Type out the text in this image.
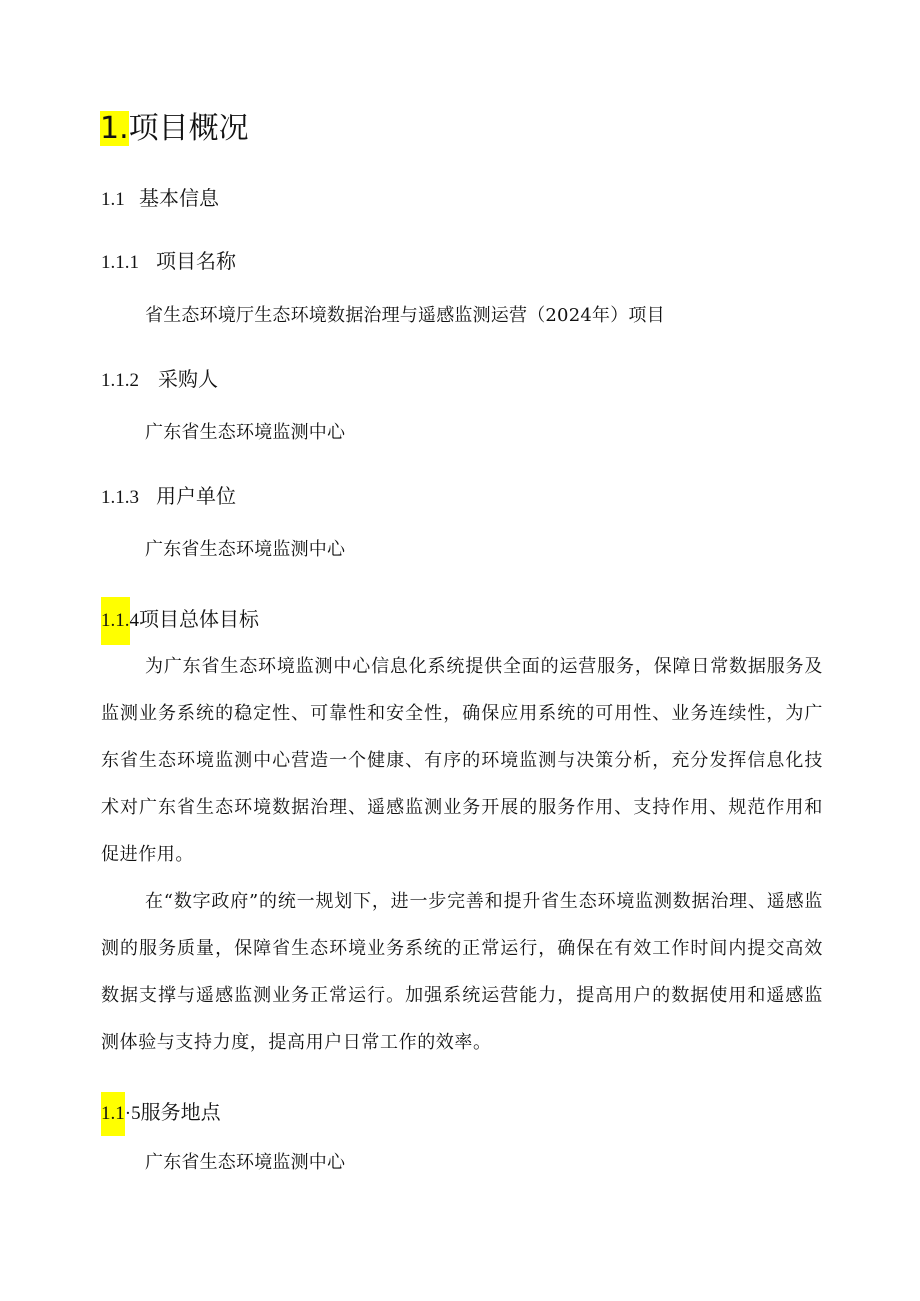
1.项目概况
1.1 基本信息
1.1.1 项目名称
省生态环境厅生态环境数据治理与遥感监测运营（2024年）项目
1.1.2 采购人
广东省生态环境监测中心
1.1.3 用户单位
广东省生态环境监测中心
1.1.4项目总体目标

为广东省生态环境监测中心信息化系统提供全面的运营服务，保障日常数据服务及监测业务系统的稳定性、可靠性和安全性，确保应用系统的可用性、业务连续性，为广东省生态环境监测中心营造一个健康、有序的环境监测与决策分析，充分发挥信息化技术对广东省生态环境数据治理、遥感监测业务开展的服务作用、支持作用、规范作用和促进作用。

在“数字政府”的统一规划下，进一步完善和提升省生态环境监测数据治理、遥感监测的服务质量，保障省生态环境业务系统的正常运行，确保在有效工作时间内提交高效数据支撑与遥感监测业务正常运行。加强系统运营能力，提高用户的数据使用和遥感监测体验与支持力度，提高用户日常工作的效率。

1.1·5服务地点
广东省生态环境监测中心
